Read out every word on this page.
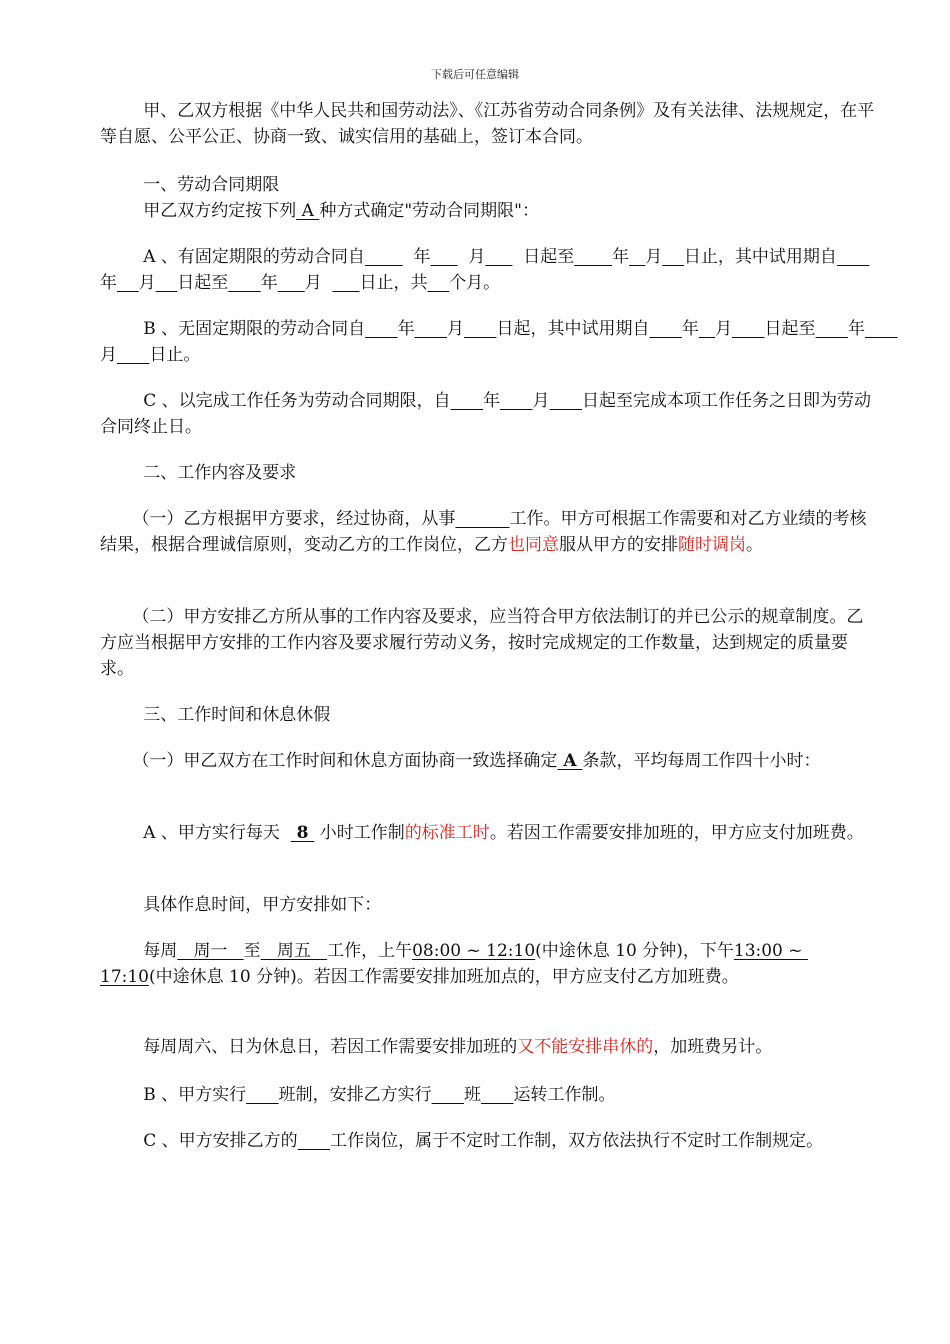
下载后可任意编辑

甲、乙双方根据《中华人民共和国劳动法》、《江苏省劳动合同条例》及有关法律、法规规定，在平等自愿、公平公正、协商一致、诚实信用的基础上，签订本合同。

一、劳动合同期限

甲乙双方约定按下列 A 种方式确定"劳动合同期限"：

A 、有固定期限的劳动合同自         年       月       日起至 年 月 日止，其中试用期自        年 月 日起至 年 月       日止，共 个月。

B 、无固定期限的劳动合同自 年 月 日起，其中试用期自 年 月 日起至 年      月 日止。

C 、以完成工作任务为劳动合同期限，自 年 月 日起至完成本项工作任务之日即为劳动合同终止日。

二、工作内容及要求

（一）乙方根据甲方要求，经过协商，从事	工作。甲方可根据工作需要和对乙方业绩的考核结果，根据合理诚信原则，变动乙方的工作岗位，乙方也同意服从甲方的安排随时调岗。

（二）甲方安排乙方所从事的工作内容及要求，应当符合甲方依法制订的并已公示的规章制度。乙方应当根据甲方安排的工作内容及要求履行劳动义务，按时完成规定的工作数量，达到规定的质量要求。

三、工作时间和休息休假

（一）甲乙双方在工作时间和休息方面协商一致选择确定 A 条款，平均每周工作四十小时：

A 、甲方实行每天   8  小时工作制的标准工时。若因工作需要安排加班的，甲方应支付加班费。

具体作息时间，甲方安排如下：

每周   周一   至   周五   工作，上午08:00 ~ 12:10(中途休息 10 分钟)，下午13:00 ~ 17:10(中途休息 10 分钟)。若因工作需要安排加班加点的，甲方应支付乙方加班费。

每周周六、日为休息日，若因工作需要安排加班的又不能安排串休的，加班费另计。

B 、甲方实行 班制，安排乙方实行 班 运转工作制。

C 、甲方安排乙方的 工作岗位，属于不定时工作制，双方依法执行不定时工作制规定。
